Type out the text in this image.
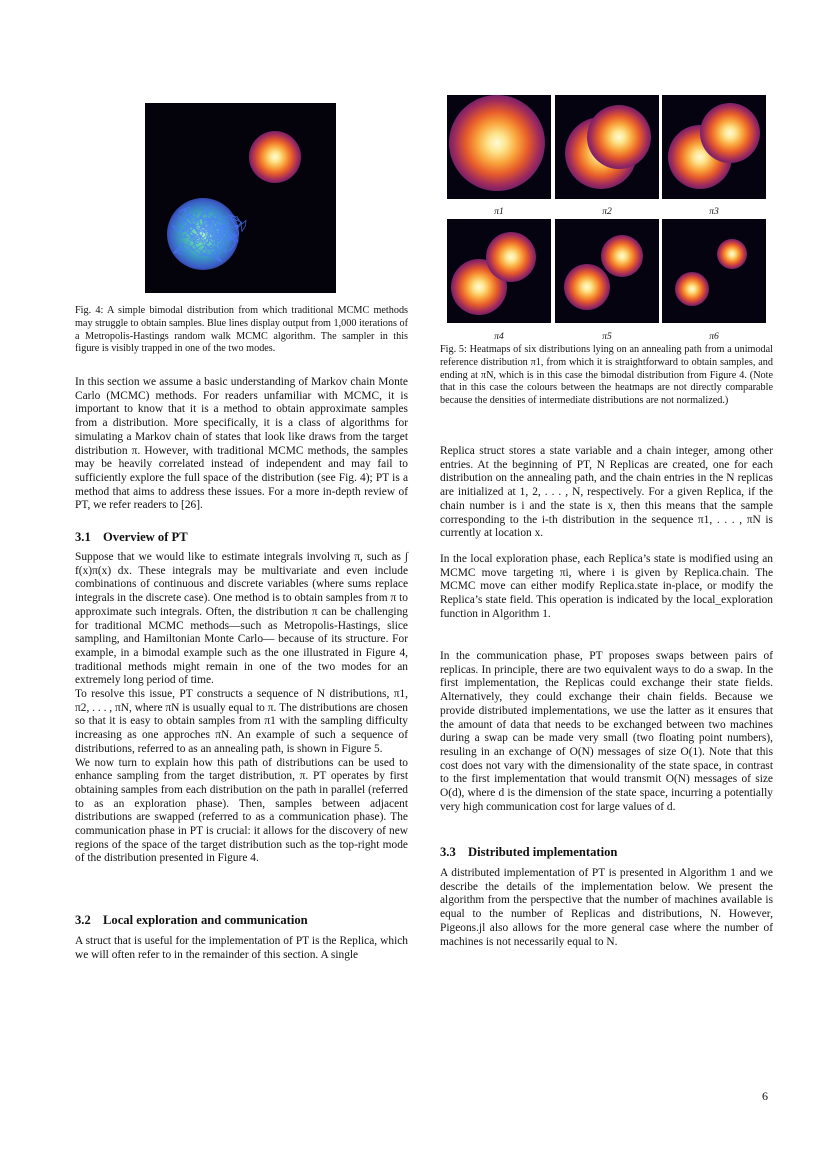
Fig. 4: A simple bimodal distribution from which traditional MCMC methods may struggle to obtain samples. Blue lines display output from 1,000 iterations of a Metropolis-Hastings random walk MCMC algorithm. The sampler in this figure is visibly trapped in one of the two modes.

π1	π2	π3
π4	π5	π6

Fig. 5: Heatmaps of six distributions lying on an annealing path from a unimodal reference distribution π1, from which it is straightforward to obtain samples, and ending at πN, which is in this case the bimodal distribution from Figure 4. (Note that in this case the colours between the heatmaps are not directly comparable because the densities of intermediate distributions are not normalized.)

In this section we assume a basic understanding of Markov chain Monte Carlo (MCMC) methods. For readers unfamiliar with MCMC, it is important to know that it is a method to obtain approximate samples from a distribution. More specifically, it is a class of algorithms for simulating a Markov chain of states that look like draws from the target distribution π. However, with traditional MCMC methods, the samples may be heavily correlated instead of independent and may fail to sufficiently explore the full space of the distribution (see Fig. 4); PT is a method that aims to address these issues. For a more in-depth review of PT, we refer readers to [26].

3.1 Overview of PT

Suppose that we would like to estimate integrals involving π, such as ∫ f(x)π(x) dx. These integrals may be multivariate and even include combinations of continuous and discrete variables (where sums replace integrals in the discrete case). One method is to obtain samples from π to approximate such integrals. Often, the distribution π can be challenging for traditional MCMC methods—such as Metropolis-Hastings, slice sampling, and Hamiltonian Monte Carlo— because of its structure. For example, in a bimodal example such as the one illustrated in Figure 4, traditional methods might remain in one of the two modes for an extremely long period of time.

To resolve this issue, PT constructs a sequence of N distributions, π1, π2, . . . , πN, where πN is usually equal to π. The distributions are chosen so that it is easy to obtain samples from π1 with the sampling difficulty increasing as one approches πN. An example of such a sequence of distributions, referred to as an annealing path, is shown in Figure 5.

We now turn to explain how this path of distributions can be used to enhance sampling from the target distribution, π. PT operates by first obtaining samples from each distribution on the path in parallel (referred to as an exploration phase). Then, samples between adjacent distributions are swapped (referred to as a communication phase). The communication phase in PT is crucial: it allows for the discovery of new regions of the space of the target distribution such as the top-right mode of the distribution presented in Figure 4.

3.2 Local exploration and communication

A struct that is useful for the implementation of PT is the Replica, which we will often refer to in the remainder of this section. A single

Replica struct stores a state variable and a chain integer, among other entries. At the beginning of PT, N Replicas are created, one for each distribution on the annealing path, and the chain entries in the N replicas are initialized at 1, 2, . . . , N, respectively. For a given Replica, if the chain number is i and the state is x, then this means that the sample corresponding to the i-th distribution in the sequence π1, . . . , πN is currently at location x.

In the local exploration phase, each Replica’s state is modified using an MCMC move targeting πi, where i is given by Replica.chain. The MCMC move can either modify Replica.state in-place, or modify the Replica’s state field. This operation is indicated by the local_exploration function in Algorithm 1.

In the communication phase, PT proposes swaps between pairs of replicas. In principle, there are two equivalent ways to do a swap. In the first implementation, the Replicas could exchange their state fields. Alternatively, they could exchange their chain fields. Because we provide distributed implementations, we use the latter as it ensures that the amount of data that needs to be exchanged between two machines during a swap can be made very small (two floating point numbers), resuling in an exchange of O(N) messages of size O(1). Note that this cost does not vary with the dimensionality of the state space, in contrast to the first implementation that would transmit O(N) messages of size O(d), where d is the dimension of the state space, incurring a potentially very high communication cost for large values of d.

3.3 Distributed implementation

A distributed implementation of PT is presented in Algorithm 1 and we describe the details of the implementation below. We present the algorithm from the perspective that the number of machines available is equal to the number of Replicas and distributions, N. However, Pigeons.jl also allows for the more general case where the number of machines is not necessarily equal to N.

6
